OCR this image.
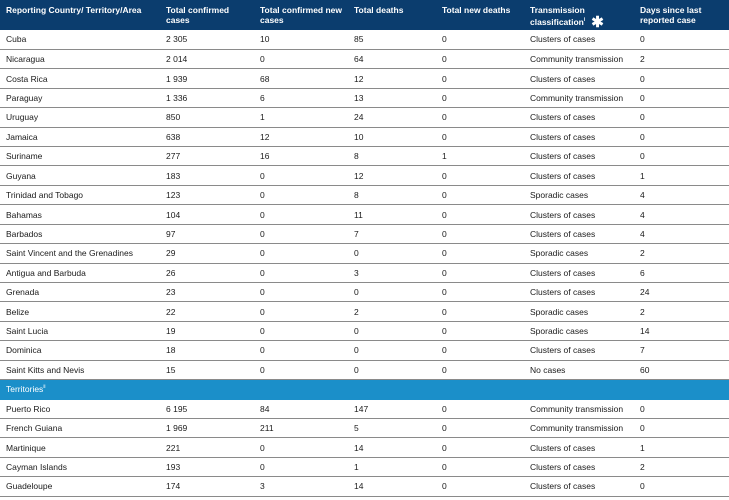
Reporting Country/ Territory/Area	Total confirmed cases	Total confirmed new cases	Total deaths	Total new deaths	Transmission classification$^i$ ✱	Days since last reported case
Cuba	2 305	10	85	0	Clusters of cases	0
Nicaragua	2 014	0	64	0	Community transmission	2
Costa Rica	1 939	68	12	0	Clusters of cases	0
Paraguay	1 336	6	13	0	Community transmission	0
Uruguay	850	1	24	0	Clusters of cases	0
Jamaica	638	12	10	0	Clusters of cases	0
Suriname	277	16	8	1	Clusters of cases	0
Guyana	183	0	12	0	Clusters of cases	1
Trinidad and Tobago	123	0	8	0	Sporadic cases	4
Bahamas	104	0	11	0	Clusters of cases	4
Barbados	97	0	7	0	Clusters of cases	4
Saint Vincent and the Grenadines	29	0	0	0	Sporadic cases	2
Antigua and Barbuda	26	0	3	0	Clusters of cases	6
Grenada	23	0	0	0	Clusters of cases	24
Belize	22	0	2	0	Sporadic cases	2
Saint Lucia	19	0	0	0	Sporadic cases	14
Dominica	18	0	0	0	Clusters of cases	7
Saint Kitts and Nevis	15	0	0	0	No cases	60
Territories$^{ii}$
Puerto Rico	6 195	84	147	0	Community transmission	0
French Guiana	1 969	211	5	0	Community transmission	0
Martinique	221	0	14	0	Clusters of cases	1
Cayman Islands	193	0	1	0	Clusters of cases	2
Guadeloupe	174	3	14	0	Clusters of cases	0
